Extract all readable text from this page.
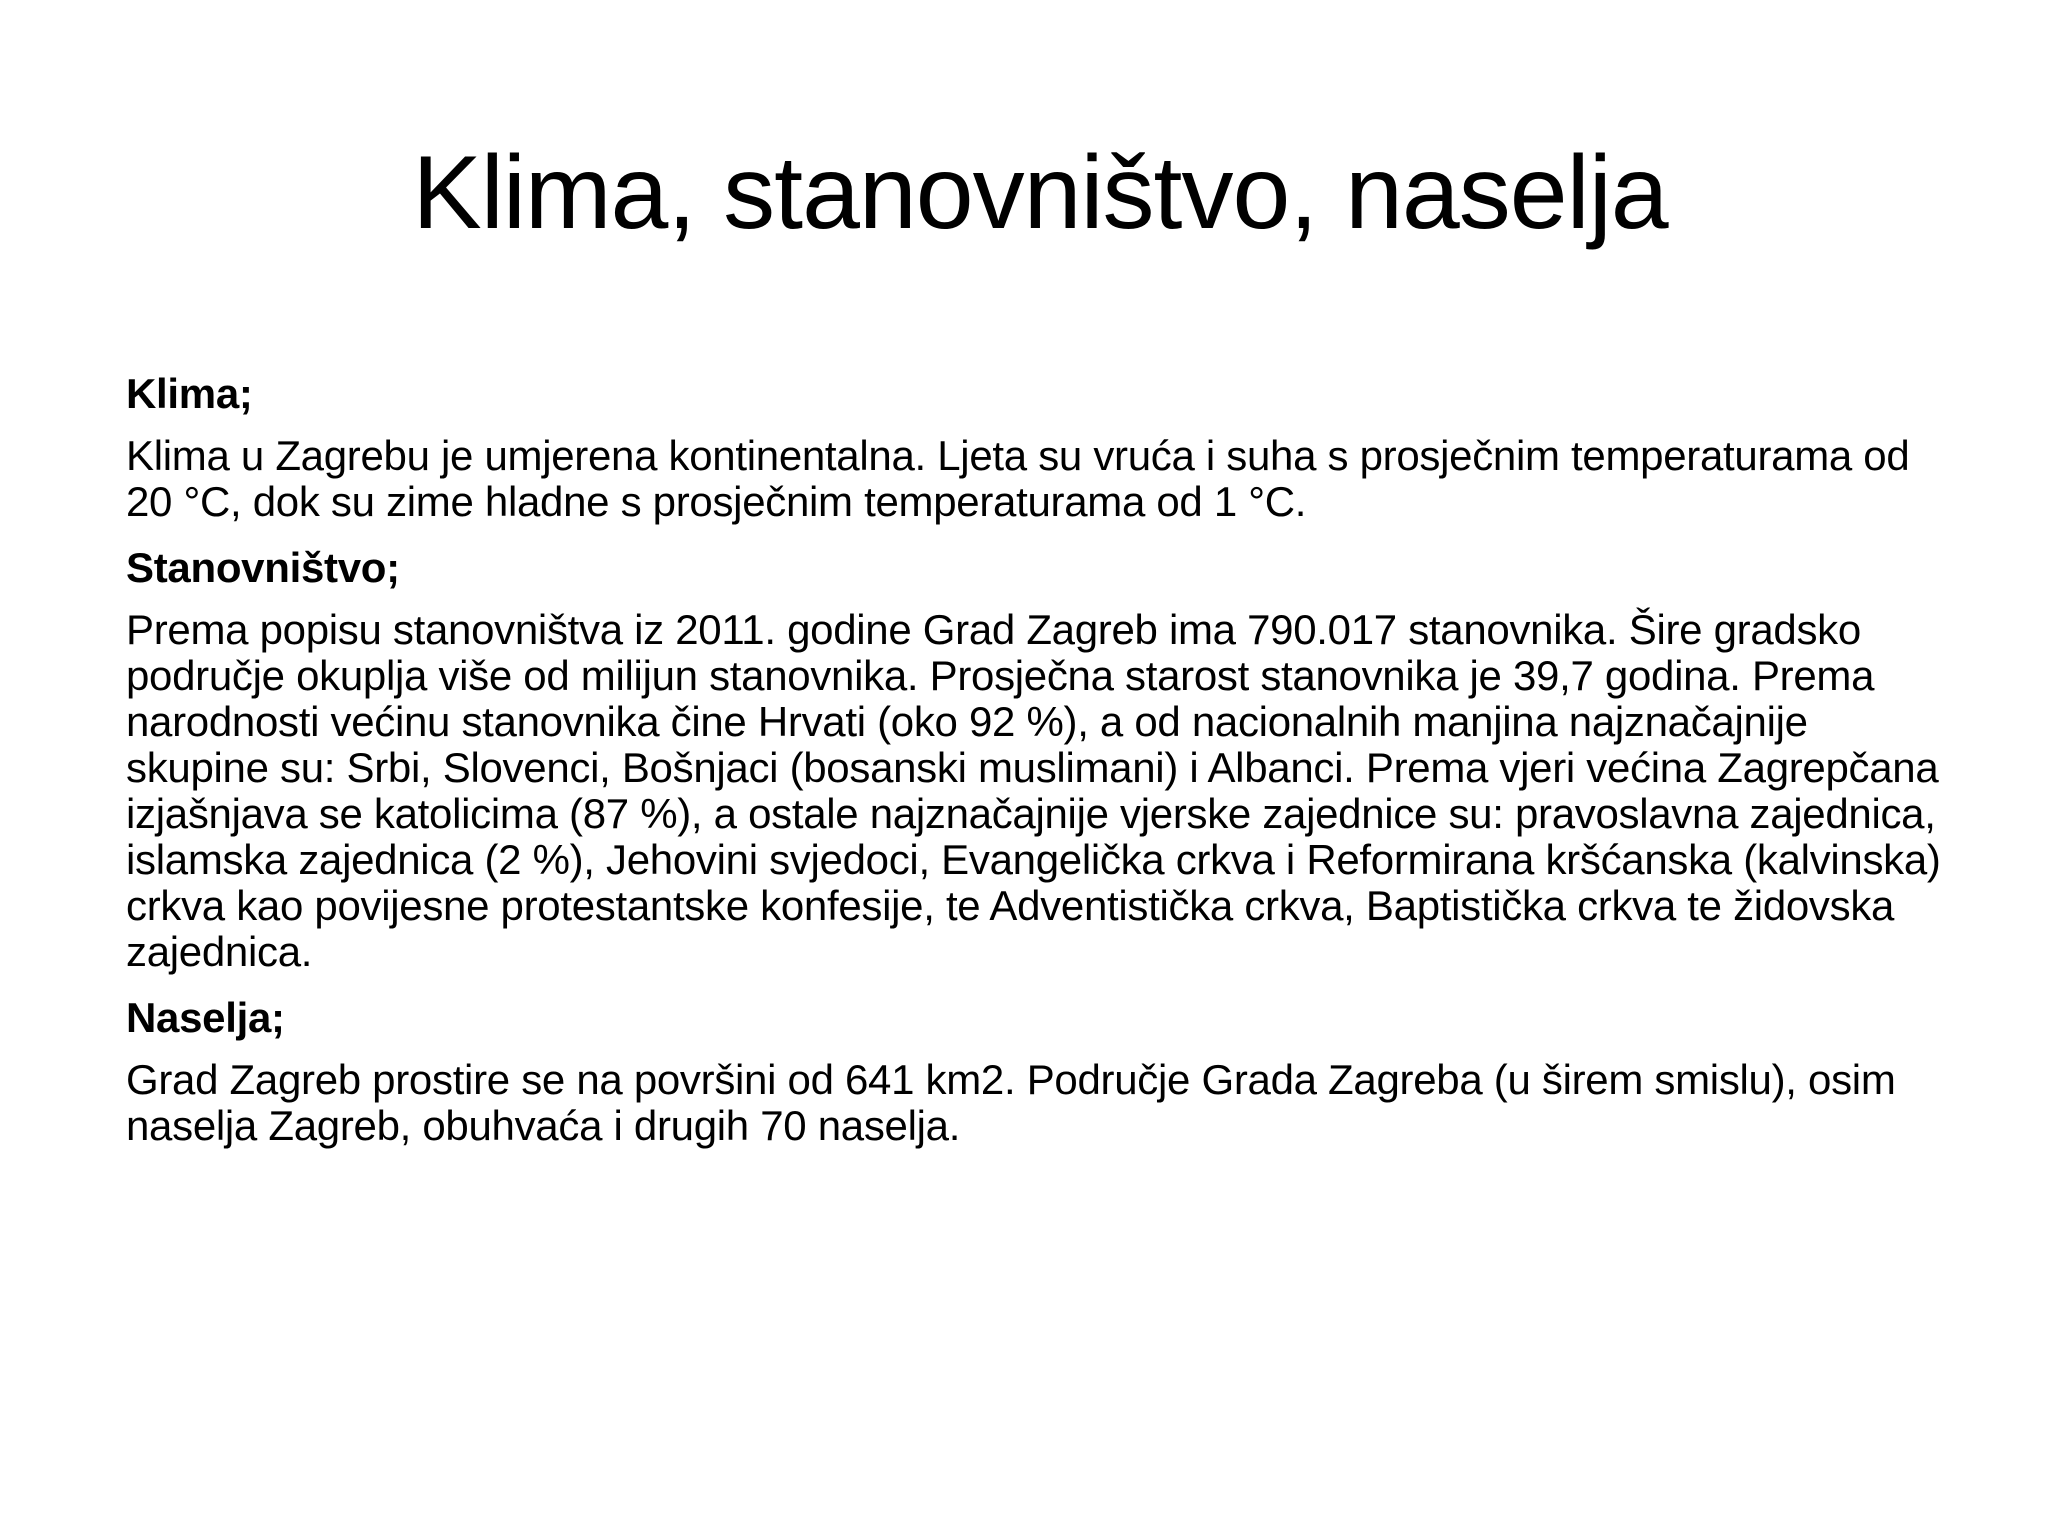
Klima, stanovništvo, naselja

Klima;

Klima u Zagrebu je umjerena kontinentalna. Ljeta su vruća i suha s prosječnim temperaturama od 20 °C, dok su zime hladne s prosječnim temperaturama od 1 °C.

Stanovništvo;

Prema popisu stanovništva iz 2011. godine Grad Zagreb ima 790.017 stanovnika. Šire gradsko područje okuplja više od milijun stanovnika. Prosječna starost stanovnika je 39,7 godina. Prema narodnosti većinu stanovnika čine Hrvati (oko 92 %), a od nacionalnih manjina najznačajnije skupine su: Srbi, Slovenci, Bošnjaci (bosanski muslimani) i Albanci. Prema vjeri većina Zagrepčana izjašnjava se katolicima (87 %), a ostale najznačajnije vjerske zajednice su: pravoslavna zajednica, islamska zajednica (2 %), Jehovini svjedoci, Evangelička crkva i Reformirana kršćanska (kalvinska) crkva kao povijesne protestantske konfesije, te Adventistička crkva, Baptistička crkva te židovska zajednica.

Naselja;

Grad Zagreb prostire se na površini od 641 km2. Područje Grada Zagreba (u širem smislu), osim naselja Zagreb, obuhvaća i drugih 70 naselja.
